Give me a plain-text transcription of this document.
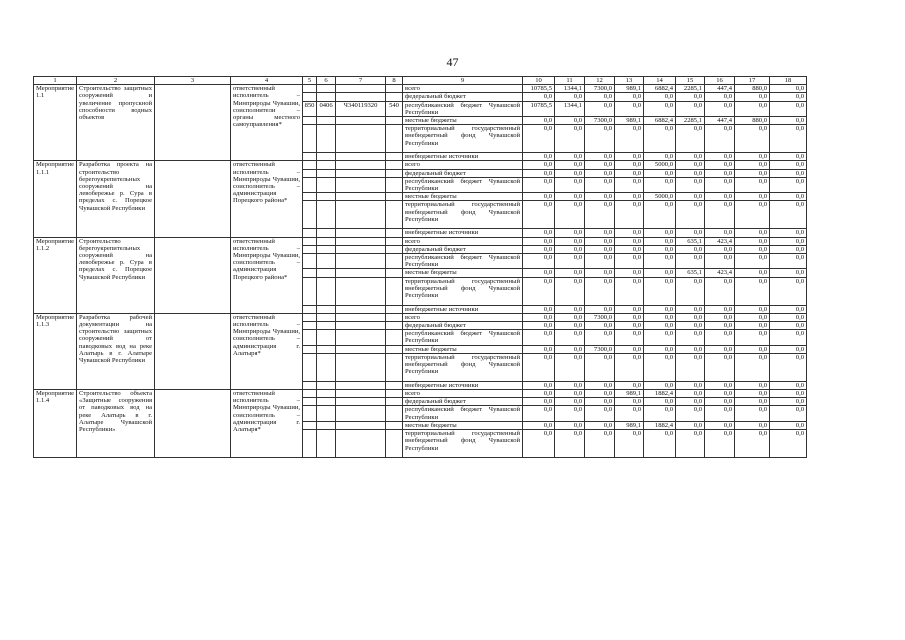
47
1	2	3	4	5	6	7	8	9	10	11	12	13	14	15	16	17	18
Мероприятие 1.1	Строительство защитных сооружений и увеличение пропускной способности водных объектов		ответственный исполнитель – Минприроды Чувашии, соисполнители – органы местного самоуправления*					всего	10785,5	1344,1	7300,0	989,1	6882,4	2285,1	447,4	880,0	0,0
								федеральный бюджет	0,0	0,0	0,0	0,0	0,0	0,0	0,0	0,0	0,0
				850	0406	Ч340119320	540	республиканский бюджет Чувашской Республики	10785,5	1344,1	0,0	0,0	0,0	0,0	0,0	0,0	0,0
								местные бюджеты	0,0	0,0	7300,0	989,1	6882,4	2285,1	447,4	880,0	0,0
								территориальный государственный внебюджетный фонд Чувашской Республики	0,0	0,0	0,0	0,0	0,0	0,0	0,0	0,0	0,0
								внебюджетные источники	0,0	0,0	0,0	0,0	0,0	0,0	0,0	0,0	0,0
Мероприятие 1.1.1	Разработка проекта на строительство берегоукрепительных сооружений на левобережье р. Сура в пределах с. Порецкое Чувашской Республики		ответственный исполнитель – Минприроды Чувашии, соисполнитель – администрация Порецкого района*					всего	0,0	0,0	0,0	0,0	5000,0	0,0	0,0	0,0	0,0
								федеральный бюджет	0,0	0,0	0,0	0,0	0,0	0,0	0,0	0,0	0,0
								республиканский бюджет Чувашской Республики	0,0	0,0	0,0	0,0	0,0	0,0	0,0	0,0	0,0
								местные бюджеты	0,0	0,0	0,0	0,0	5000,0	0,0	0,0	0,0	0,0
								территориальный государственный внебюджетный фонд Чувашской Республики	0,0	0,0	0,0	0,0	0,0	0,0	0,0	0,0	0,0
								внебюджетные источники	0,0	0,0	0,0	0,0	0,0	0,0	0,0	0,0	0,0
Мероприятие 1.1.2	Строительство берегоукрепительных сооружений на левобережье р. Сура в пределах с. Порецкое Чувашской Республики		ответственный исполнитель – Минприроды Чувашии, соисполнитель – администрация Порецкого района*					всего	0,0	0,0	0,0	0,0	0,0	635,1	423,4	0,0	0,0
								федеральный бюджет	0,0	0,0	0,0	0,0	0,0	0,0	0,0	0,0	0,0
								республиканский бюджет Чувашской Республики	0,0	0,0	0,0	0,0	0,0	0,0	0,0	0,0	0,0
								местные бюджеты	0,0	0,0	0,0	0,0	0,0	635,1	423,4	0,0	0,0
								территориальный государственный внебюджетный фонд Чувашской Республики	0,0	0,0	0,0	0,0	0,0	0,0	0,0	0,0	0,0
								внебюджетные источники	0,0	0,0	0,0	0,0	0,0	0,0	0,0	0,0	0,0
Мероприятие 1.1.3	Разработка рабочей документации на строительство защитных сооружений от паводковых вод на реке Алатырь в г. Алатыре Чувашской Республики		ответственный исполнитель – Минприроды Чувашии, соисполнитель – администрация г. Алатыря*					всего	0,0	0,0	7300,0	0,0	0,0	0,0	0,0	0,0	0,0
								федеральный бюджет	0,0	0,0	0,0	0,0	0,0	0,0	0,0	0,0	0,0
								республиканский бюджет Чувашской Республики	0,0	0,0	0,0	0,0	0,0	0,0	0,0	0,0	0,0
								местные бюджеты	0,0	0,0	7300,0	0,0	0,0	0,0	0,0	0,0	0,0
								территориальный государственный внебюджетный фонд Чувашской Республики	0,0	0,0	0,0	0,0	0,0	0,0	0,0	0,0	0,0
								внебюджетные источники	0,0	0,0	0,0	0,0	0,0	0,0	0,0	0,0	0,0
Мероприятие 1.1.4	Строительство объекта «Защитные сооружения от паводковых вод на реке Алатырь в г. Алатыре Чувашской Республики»		ответственный исполнитель – Минприроды Чувашии, соисполнитель – администрация г. Алатыря*					всего	0,0	0,0	0,0	989,1	1882,4	0,0	0,0	0,0	0,0
								федеральный бюджет	0,0	0,0	0,0	0,0	0,0	0,0	0,0	0,0	0,0
								республиканский бюджет Чувашской Республики	0,0	0,0	0,0	0,0	0,0	0,0	0,0	0,0	0,0
								местные бюджеты	0,0	0,0	0,0	989,1	1882,4	0,0	0,0	0,0	0,0
								территориальный государственный внебюджетный фонд Чувашской Республики	0,0	0,0	0,0	0,0	0,0	0,0	0,0	0,0	0,0
